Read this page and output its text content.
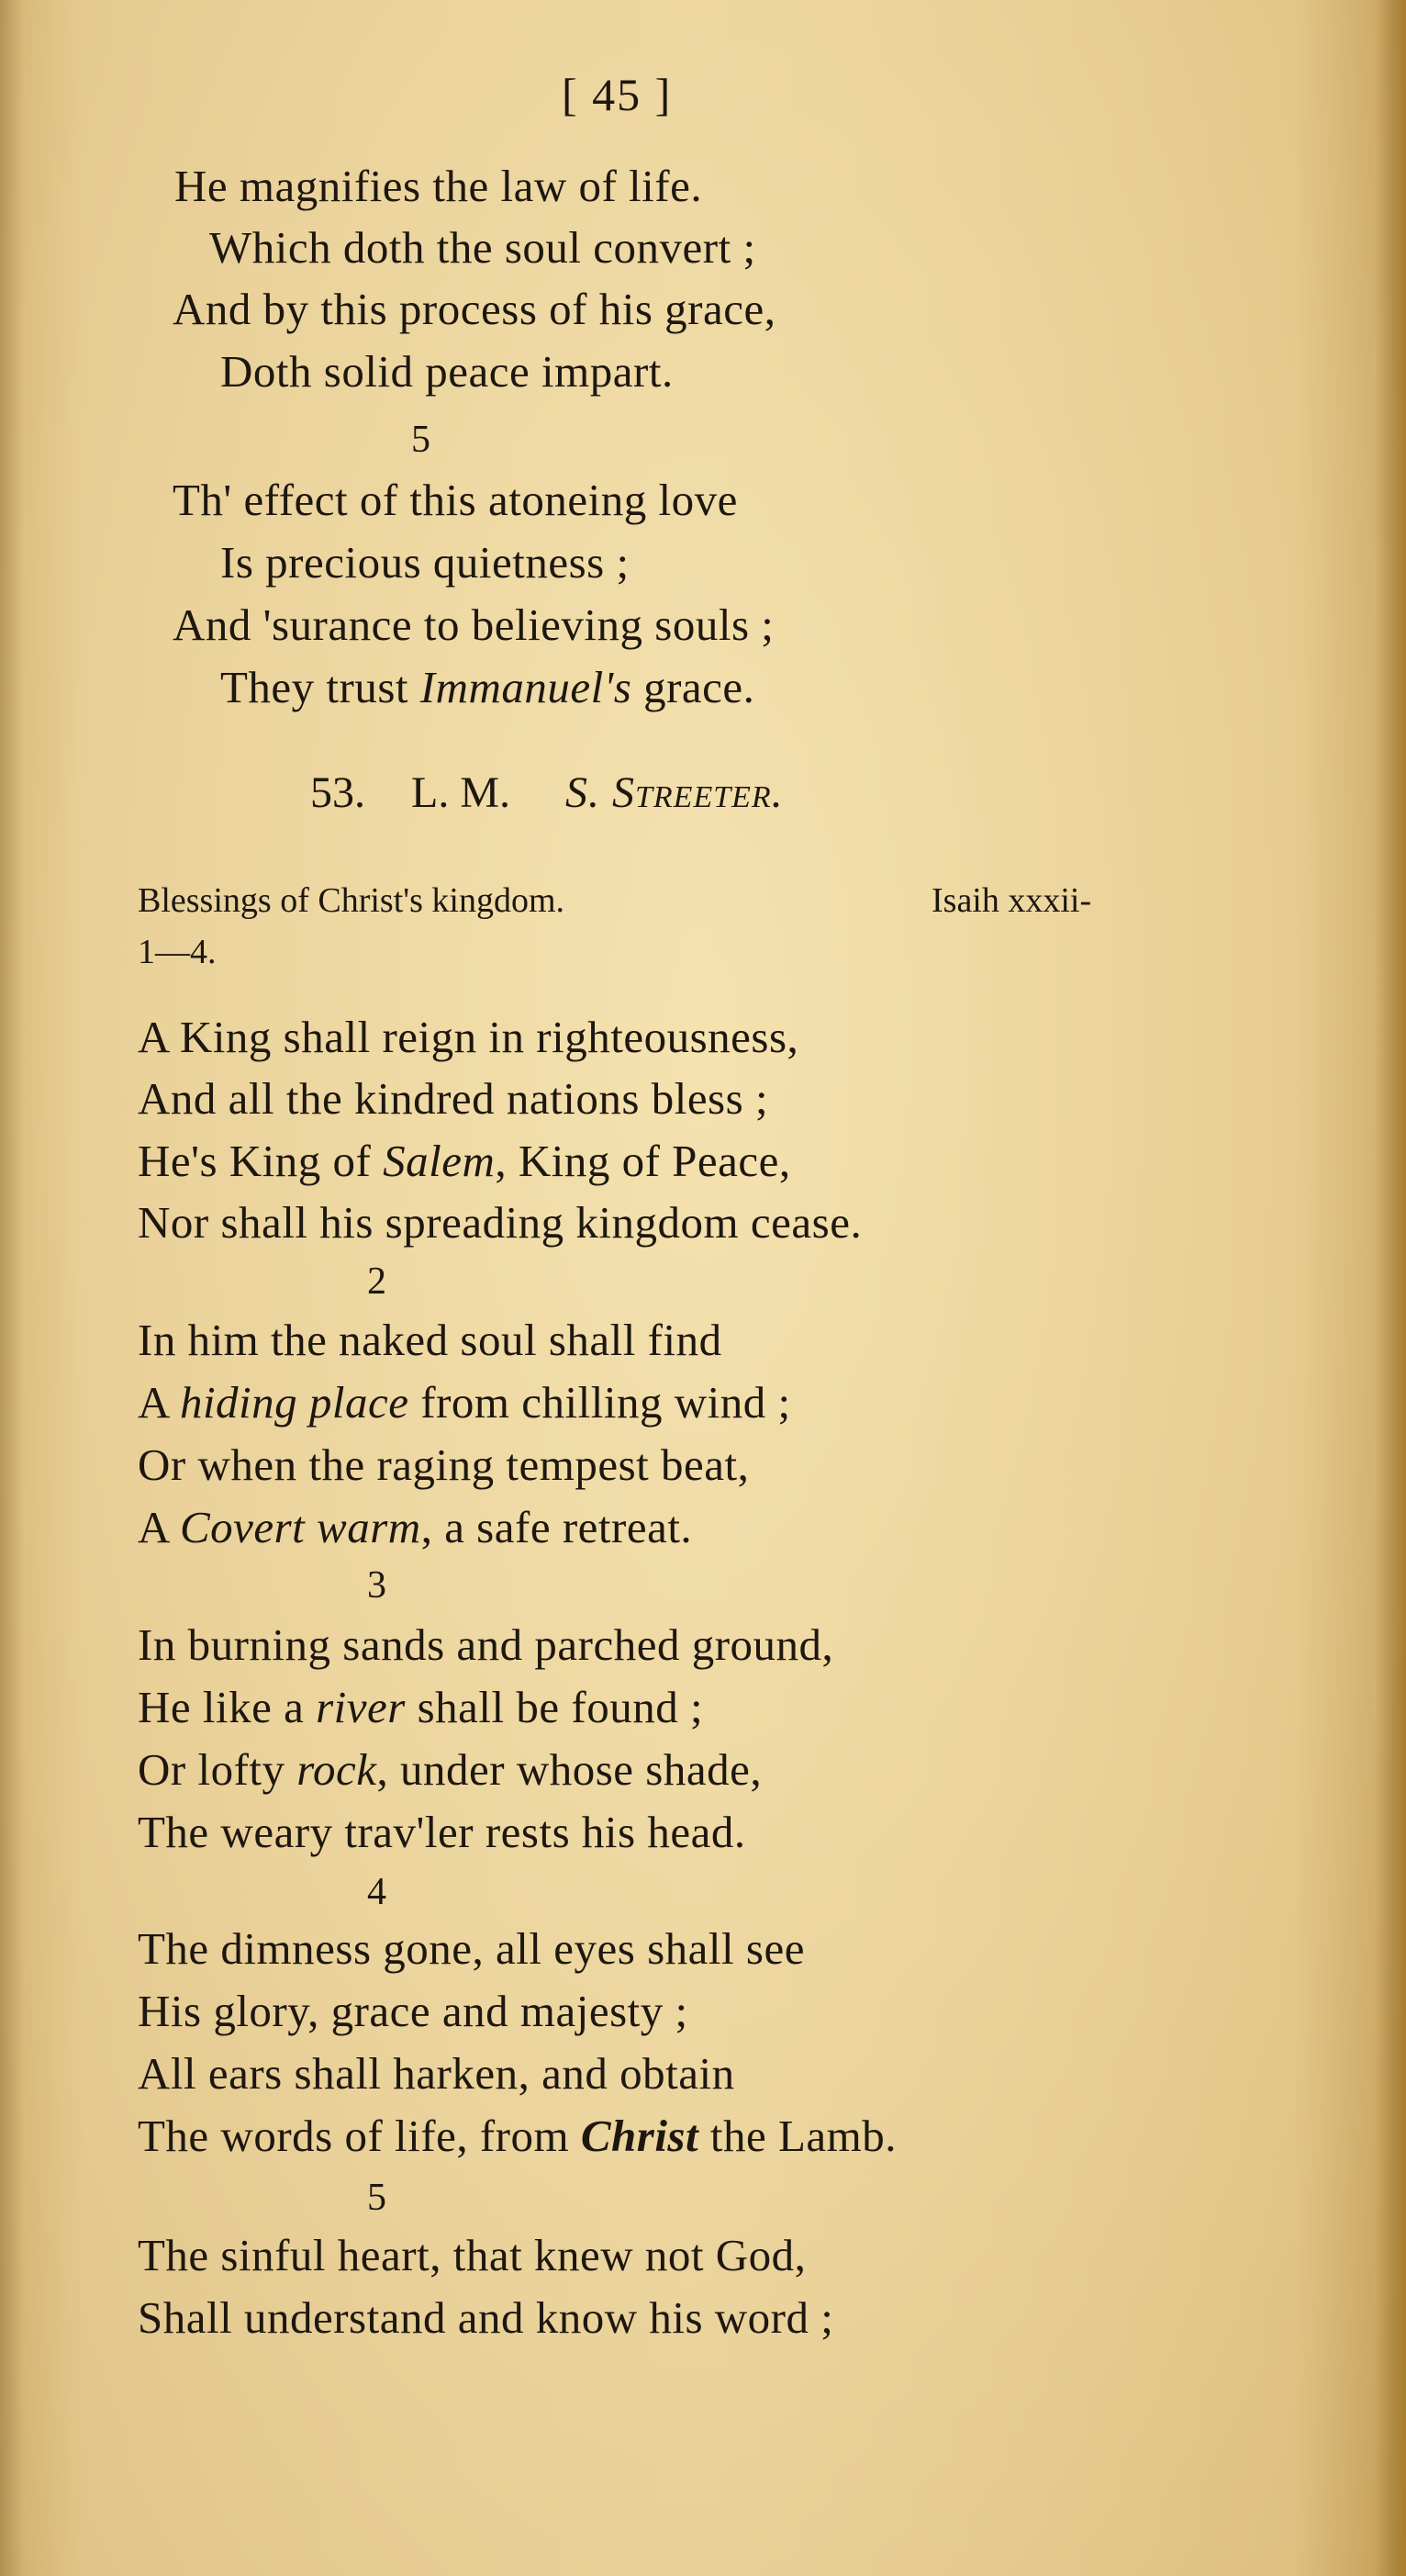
[ 45 ]
He magnifies the law of life.
Which doth the soul convert ;
And by this process of his grace,
Doth solid peace impart.
5
Th' effect of this atoneing love
Is precious quietness ;
And 'surance to believing souls ;
They trust Immanuel's grace.
53. L. M. S. Streeter.
Blessings of Christ's kingdom.	Isaih xxxii-
1—4.
A King shall reign in righteousness,
And all the kindred nations bless ;
He's King of Salem, King of Peace,
Nor shall his spreading kingdom cease.
2
In him the naked soul shall find
A hiding place from chilling wind ;
Or when the raging tempest beat,
A Covert warm, a safe retreat.
3
In burning sands and parched ground,
He like a river shall be found ;
Or lofty rock, under whose shade,
The weary trav'ler rests his head.
4
The dimness gone, all eyes shall see
His glory, grace and majesty ;
All ears shall harken, and obtain
The words of life, from Christ the Lamb.
5
The sinful heart, that knew not God,
Shall understand and know his word ;
